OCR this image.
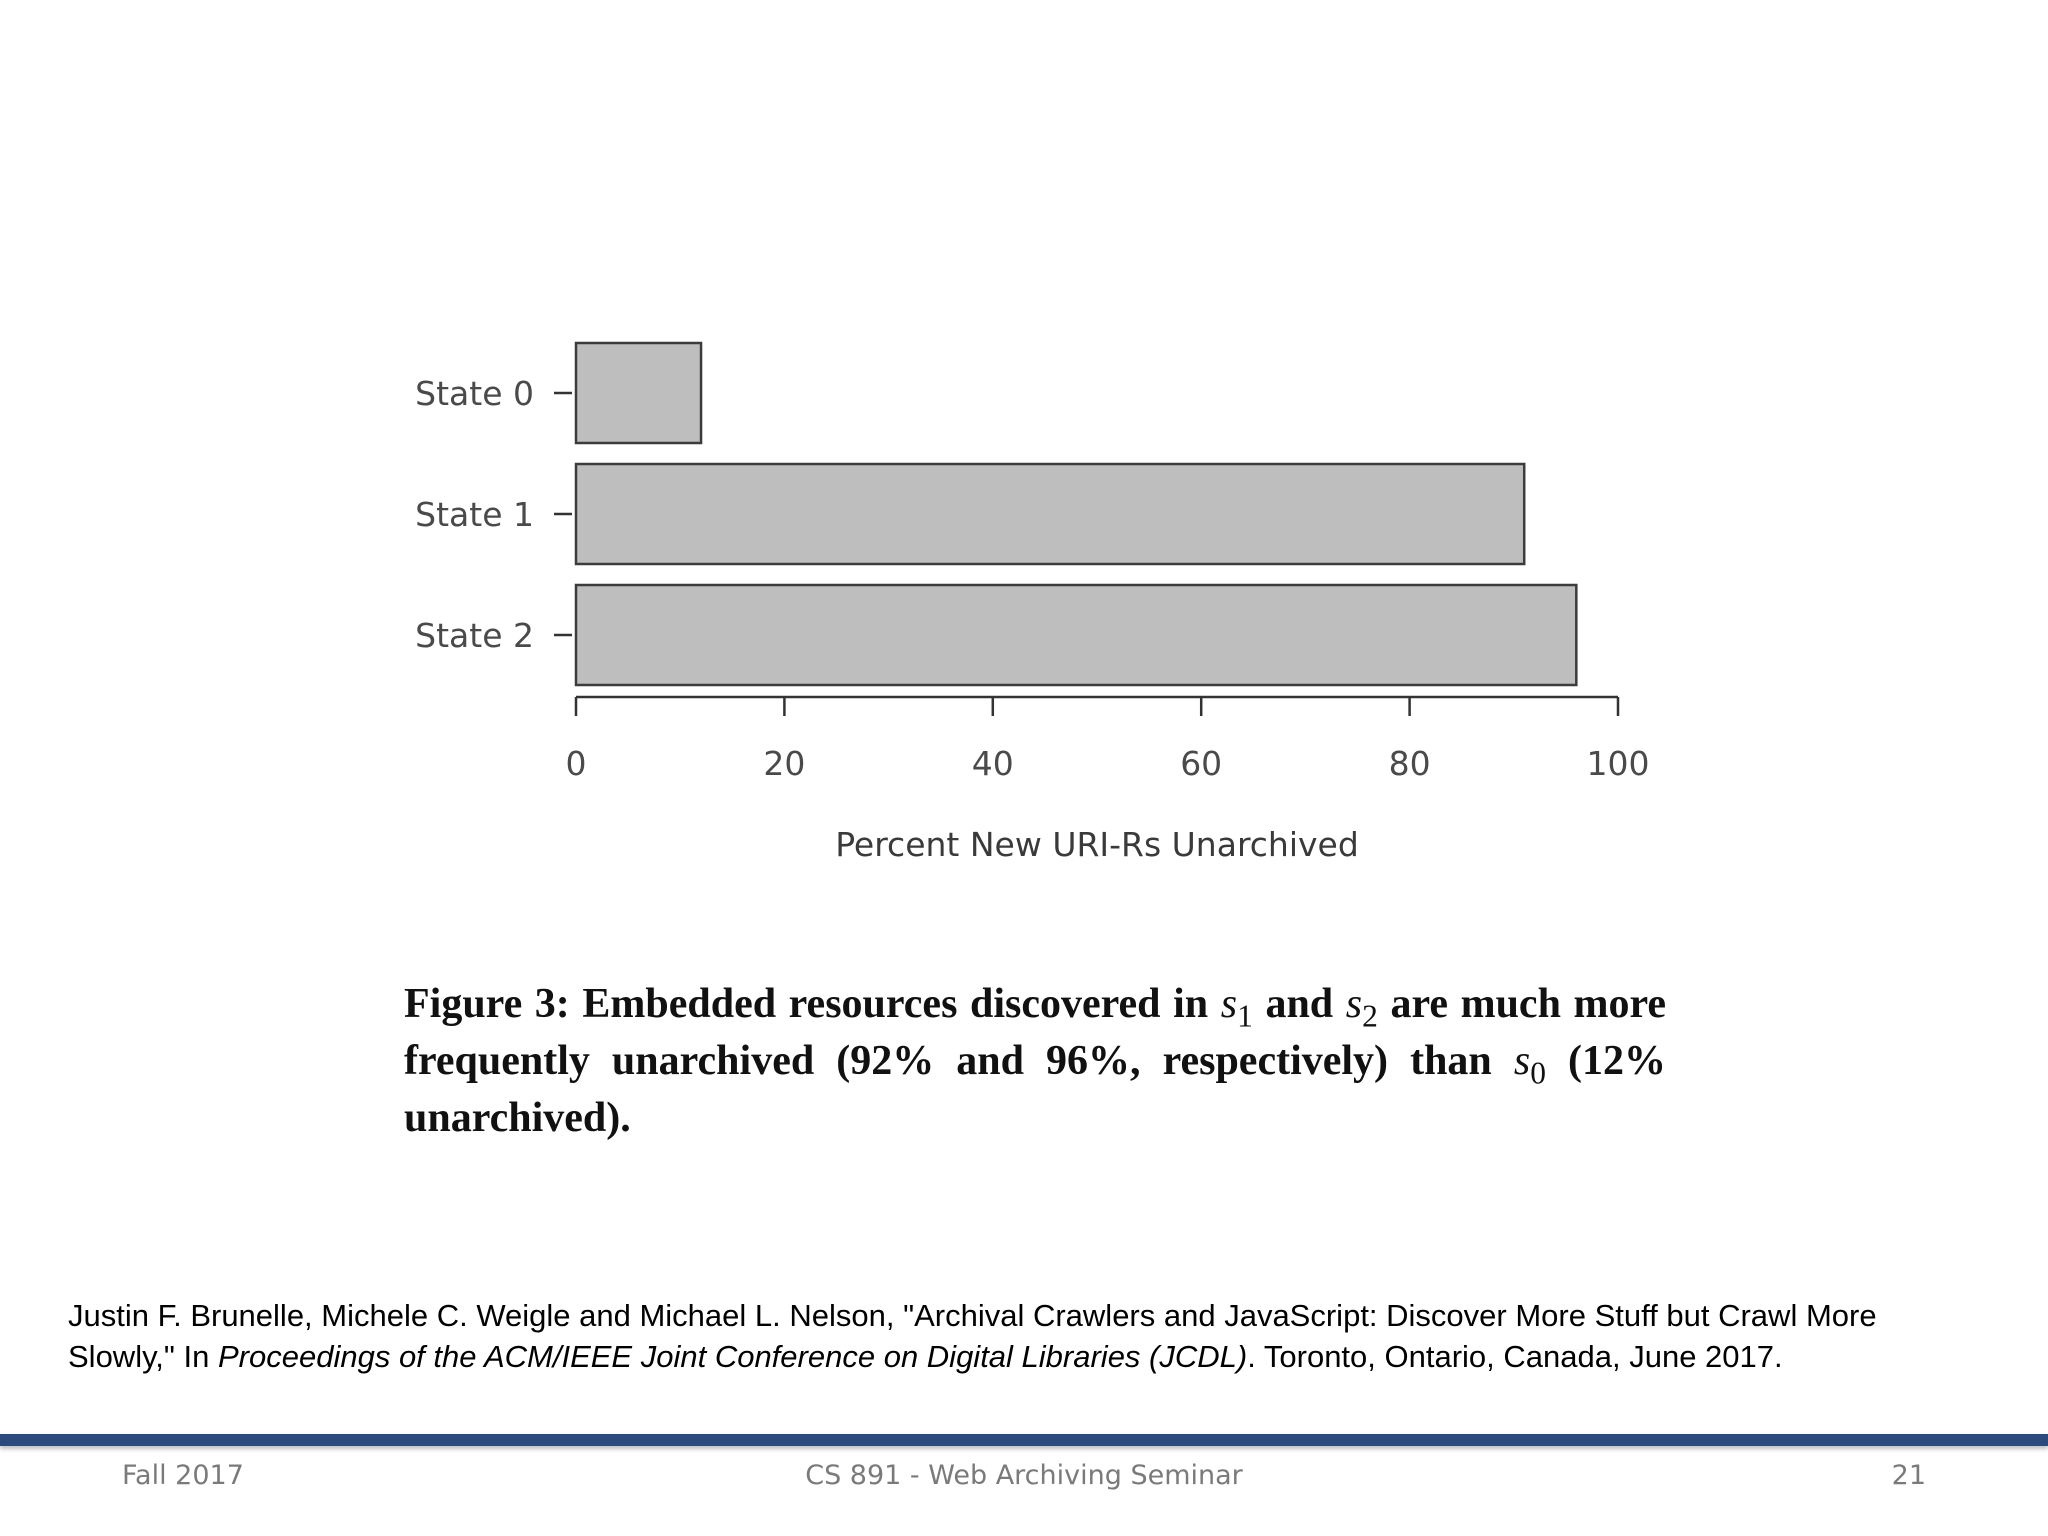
State 0
State 1
State 2
0	20	40	60	80	100
Percent New URI-Rs Unarchived

Figure 3: Embedded resources discovered in $s_1$ and $s_2$ are much more frequently unarchived (92% and 96%, respectively) than $s_0$ (12% unarchived).

Justin F. Brunelle, Michele C. Weigle and Michael L. Nelson, "Archival Crawlers and JavaScript: Discover More Stuff but Crawl More Slowly," In Proceedings of the ACM/IEEE Joint Conference on Digital Libraries (JCDL). Toronto, Ontario, Canada, June 2017.

Fall 2017	CS 891 - Web Archiving Seminar	21
